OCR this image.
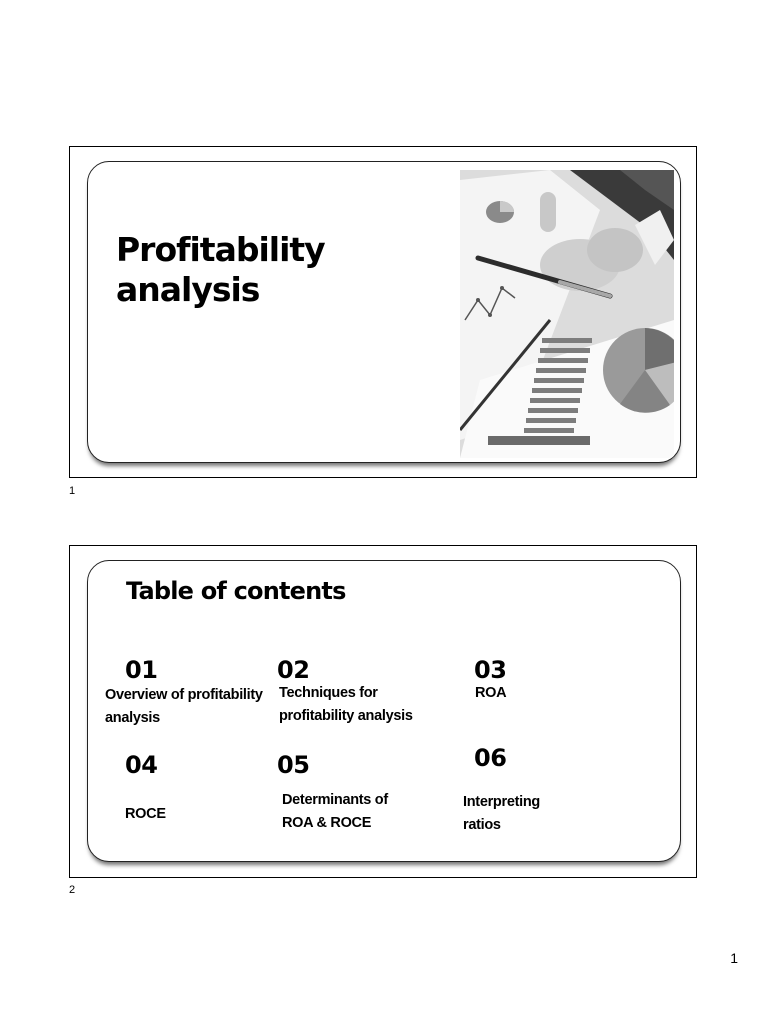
Profitability analysis
1
Table of contents
01
Overview of profitability analysis
02
Techniques for profitability analysis
03
ROA
04
ROCE
05
Determinants of ROA & ROCE
06
Interpreting ratios
2
1
